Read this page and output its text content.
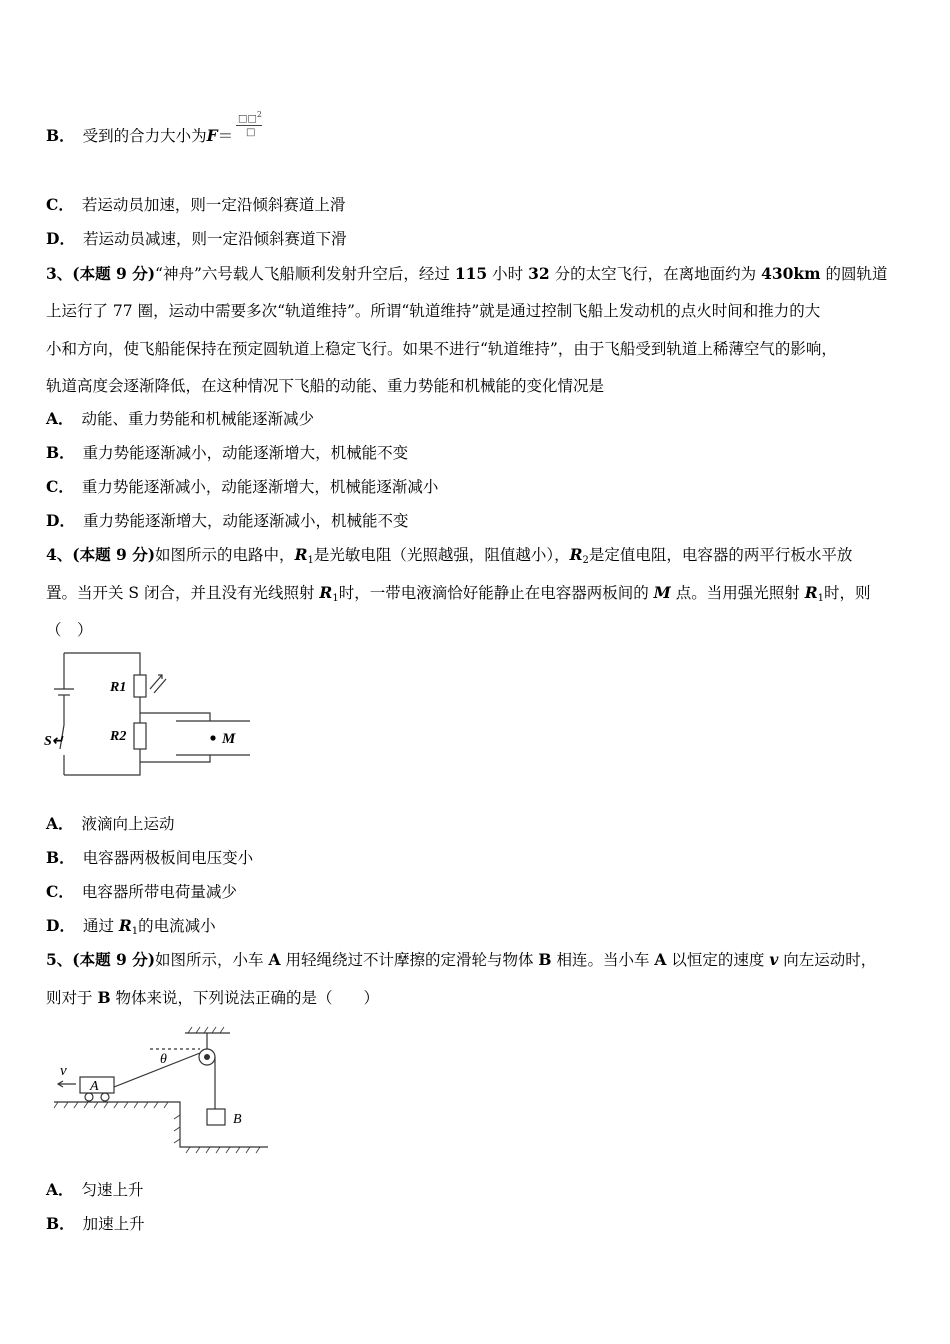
B． 受到的合力大小为F＝
□□$^2$
□
C． 若运动员加速，则一定沿倾斜赛道上滑
D． 若运动员减速，则一定沿倾斜赛道下滑
3、(本题 9 分)“神舟”六号载人飞船顺利发射升空后，经过 115 小时 32 分的太空飞行，在离地面约为 430km 的圆轨道
上运行了 77 圈，运动中需要多次“轨道维持”。所谓“轨道维持”就是通过控制飞船上发动机的点火时间和推力的大
小和方向，使飞船能保持在预定圆轨道上稳定飞行。如果不进行“轨道维持”，由于飞船受到轨道上稀薄空气的影响，
轨道高度会逐渐降低，在这种情况下飞船的动能、重力势能和机械能的变化情况是
A． 动能、重力势能和机械能逐渐减少
B． 重力势能逐渐减小，动能逐渐增大，机械能不变
C． 重力势能逐渐减小，动能逐渐增大，机械能逐渐减小
D． 重力势能逐渐增大，动能逐渐减小，机械能不变
4、(本题 9 分)如图所示的电路中，$R_1$是光敏电阻（光照越强，阻值越小），$R_2$是定值电阻，电容器的两平行板水平放
置。当开关 S 闭合，并且没有光线照射 $R_1$时，一带电液滴恰好能静止在电容器两板间的 M 点。当用强光照射 $R_1$时，则
（　）
R1
R2
S↵	M
A． 液滴向上运动
B． 电容器两极板间电压变小
C． 电容器所带电荷量减少
D． 通过 $R_1$的电流减小
5、(本题 9 分)如图所示，小车 A 用轻绳绕过不计摩擦的定滑轮与物体 B 相连。当小车 A 以恒定的速度 v 向左运动时，
则对于 B 物体来说，下列说法正确的是（　　）
v
A
θ
B
A． 匀速上升
B． 加速上升
